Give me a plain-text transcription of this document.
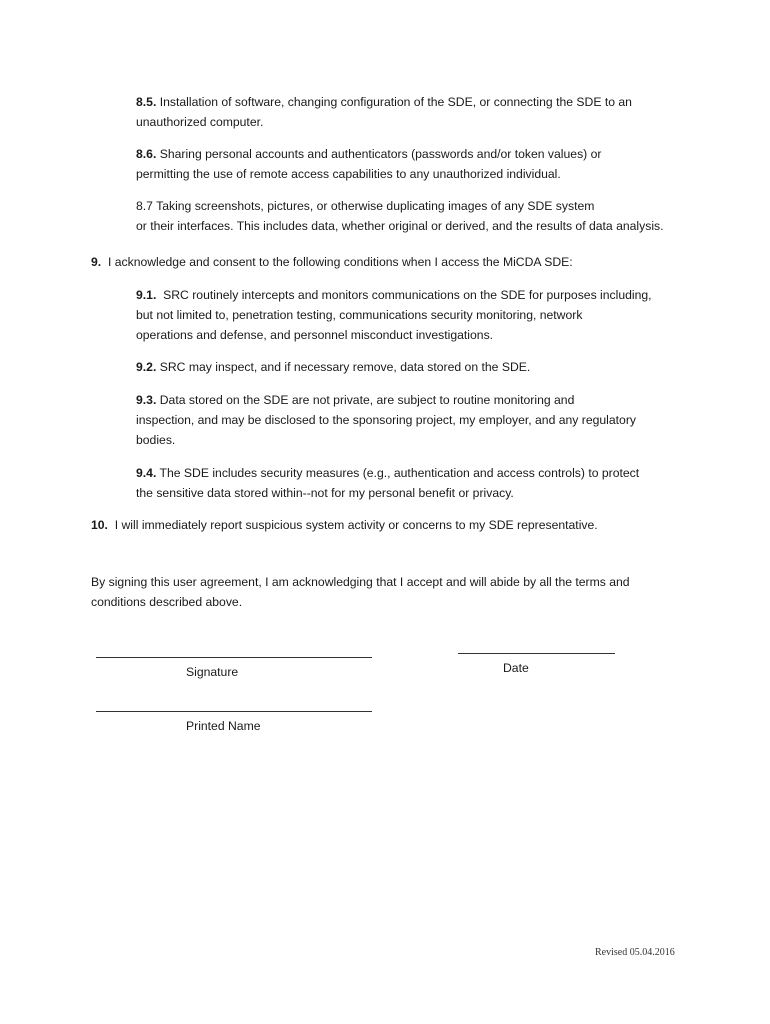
8.5. Installation of software, changing configuration of the SDE, or connecting the SDE to an
unauthorized computer.
8.6. Sharing personal accounts and authenticators (passwords and/or token values) or
permitting the use of remote access capabilities to any unauthorized individual.
8.7 Taking screenshots, pictures, or otherwise duplicating images of any SDE system
or their interfaces. This includes data, whether original or derived, and the results of data analysis.
9. I acknowledge and consent to the following conditions when I access the MiCDA SDE:
9.1. SRC routinely intercepts and monitors communications on the SDE for purposes including,
but not limited to, penetration testing, communications security monitoring, network
operations and defense, and personnel misconduct investigations.
9.2. SRC may inspect, and if necessary remove, data stored on the SDE.
9.3. Data stored on the SDE are not private, are subject to routine monitoring and
inspection, and may be disclosed to the sponsoring project, my employer, and any regulatory
bodies.
9.4. The SDE includes security measures (e.g., authentication and access controls) to protect
the sensitive data stored within--not for my personal benefit or privacy.
10. I will immediately report suspicious system activity or concerns to my SDE representative.
By signing this user agreement, I am acknowledging that I accept and will abide by all the terms and
conditions described above.
Signature	Date
Printed Name
Revised 05.04.2016
